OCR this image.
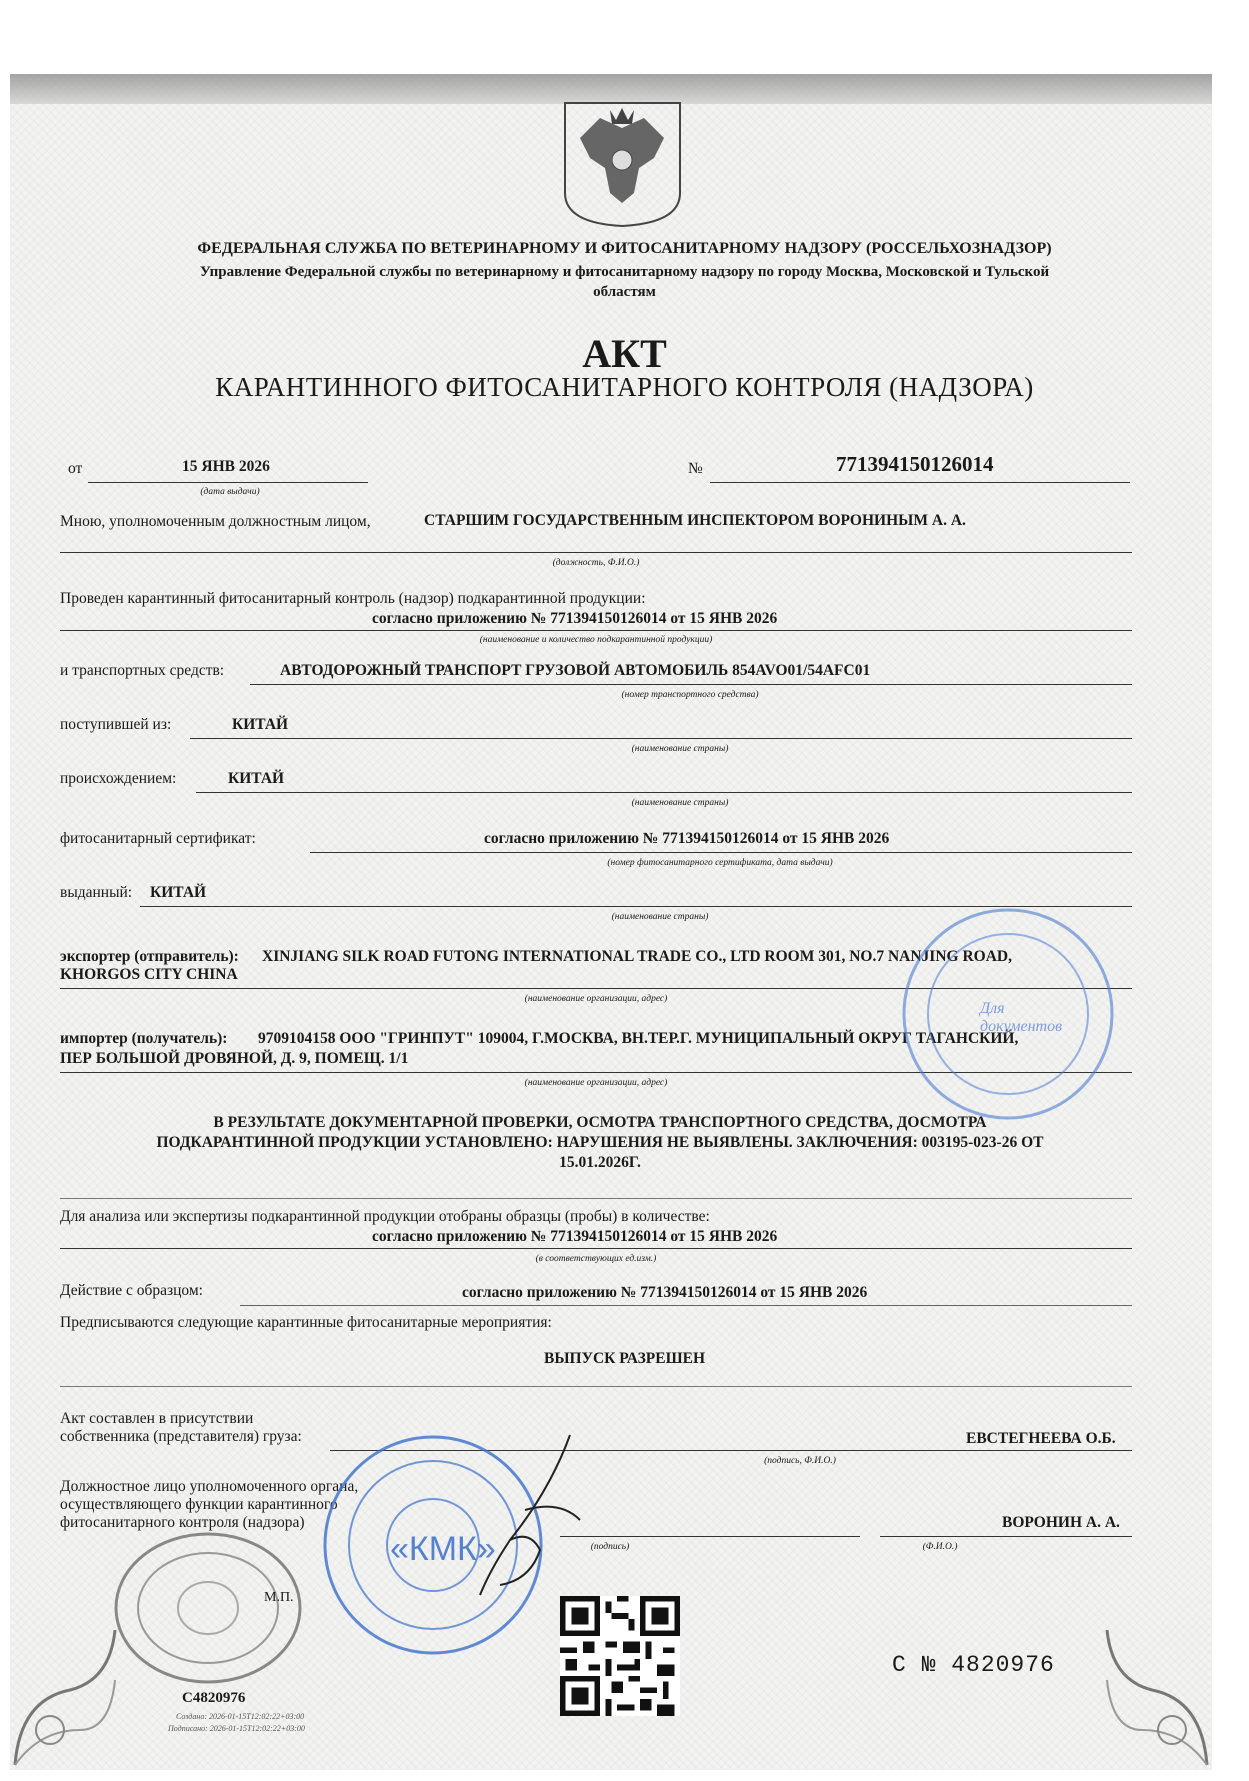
ФЕДЕРАЛЬНАЯ СЛУЖБА ПО ВЕТЕРИНАРНОМУ И ФИТОСАНИТАРНОМУ НАДЗОРУ (РОССЕЛЬХОЗНАДЗОР)
Управление Федеральной службы по ветеринарному и фитосанитарному надзору по городу Москва, Московской и Тульской
областям
АКТ
КАРАНТИННОГО ФИТОСАНИТАРНОГО КОНТРОЛЯ (НАДЗОРА)
от	15 ЯНВ 2026
(дата выдачи)
№	771394150126014
Мною, уполномоченным должностным лицом,	СТАРШИМ ГОСУДАРСТВЕННЫМ ИНСПЕКТОРОМ ВОРОНИНЫМ А. А.
(должность, Ф.И.О.)
Проведен карантинный фитосанитарный контроль (надзор) подкарантинной продукции:
согласно приложению № 771394150126014 от 15 ЯНВ 2026
(наименование и количество подкарантинной продукции)
и транспортных средств:	АВТОДОРОЖНЫЙ ТРАНСПОРТ ГРУЗОВОЙ АВТОМОБИЛЬ 854AVO01/54AFC01
(номер транспортного средства)
поступившей из:	КИТАЙ
(наименование страны)
происхождением:	КИТАЙ
(наименование страны)
фитосанитарный сертификат:	согласно приложению № 771394150126014 от 15 ЯНВ 2026
(номер фитосанитарного сертификата, дата выдачи)
выданный: КИТАЙ
(наименование страны)
экспортер (отправитель): XINJIANG SILK ROAD FUTONG INTERNATIONAL TRADE CO., LTD ROOM 301, NO.7 NANJING ROAD,
KHORGOS CITY CHINA
(наименование организации, адрес)
импортер (получатель): 9709104158 ООО "ГРИНПУТ" 109004, Г.МОСКВА, ВН.ТЕР.Г. МУНИЦИПАЛЬНЫЙ ОКРУГ ТАГАНСКИЙ,
ПЕР БОЛЬШОЙ ДРОВЯНОЙ, Д. 9, ПОМЕЩ. 1/1
(наименование организации, адрес)
В РЕЗУЛЬТАТЕ ДОКУМЕНТАРНОЙ ПРОВЕРКИ, ОСМОТРА ТРАНСПОРТНОГО СРЕДСТВА, ДОСМОТРА
ПОДКАРАНТИННОЙ ПРОДУКЦИИ УСТАНОВЛЕНО: НАРУШЕНИЯ НЕ ВЫЯВЛЕНЫ. ЗАКЛЮЧЕНИЯ: 003195-023-26 ОТ
15.01.2026Г.
Для анализа или экспертизы подкарантинной продукции отобраны образцы (пробы) в количестве:
согласно приложению № 771394150126014 от 15 ЯНВ 2026
(в соответствующих ед.изм.)
Действие с образцом:	согласно приложению № 771394150126014 от 15 ЯНВ 2026
Предписываются следующие карантинные фитосанитарные мероприятия:
ВЫПУСК РАЗРЕШЕН
Акт составлен в присутствии
собственника (представителя) груза:	ЕВСТЕГНЕЕВА О.Б.
(подпись, Ф.И.О.)
Должностное лицо уполномоченного органа,
осуществляющего функции карантинного
фитосанитарного контроля (надзора)	ВОРОНИН А. А.
(подпись)	(Ф.И.О.)
М.П.
«КМК»
Для документов
С4820976
Создано: 2026-01-15Т12:02:22+03:00
Подписано: 2026-01-15Т12:02:22+03:00
С № 4820976
